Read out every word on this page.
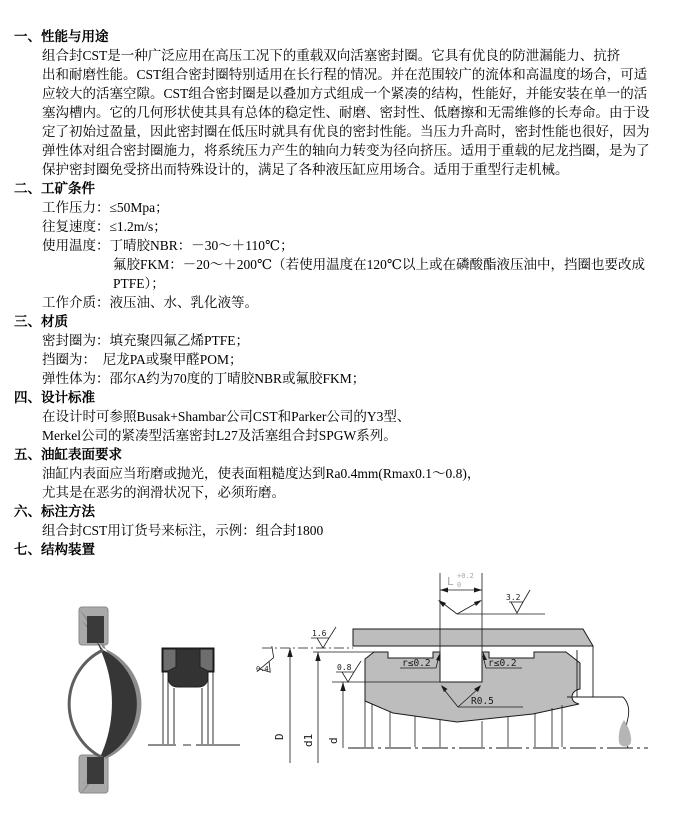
一、性能与用途
组合封CST是一种广泛应用在高压工况下的重载双向活塞密封圈。它具有优良的防泄漏能力、抗挤
出和耐磨性能。CST组合密封圈特别适用在长行程的情况。并在范围较广的流体和高温度的场合，可适
应较大的活塞空隙。CST组合密封圈是以叠加方式组成一个紧凑的结构，性能好，并能安装在单一的活
塞沟槽内。它的几何形状使其具有总体的稳定性、耐磨、密封性、低磨擦和无需维修的长寿命。由于设
定了初始过盈量，因此密封圈在低压时就具有优良的密封性能。当压力升高时，密封性能也很好，因为
弹性体对组合密封圈施力，将系统压力产生的轴向力转变为径向挤压。适用于重载的尼龙挡圈，是为了
保护密封圈免受挤出而特殊设计的，满足了各种液压缸应用场合。适用于重型行走机械。
二、工矿条件
工作压力：≤50Mpa；
往复速度：≤1.2m/s；
使用温度：丁晴胶NBR：－30～＋110℃；
氟胶FKM：－20～＋200℃（若使用温度在120℃以上或在磷酸酯液压油中，挡圈也要改成PTFE）；
工作介质：液压油、水、乳化液等。
三、材质
密封圈为：填充聚四氟乙烯PTFE；
挡圈为：　尼龙PA或聚甲醛POM；
弹性体为：邵尔A约为70度的丁晴胶NBR或氟胶FKM；
四、设计标准
在设计时可参照Busak+Shambar公司CST和Parker公司的Y3型、
Merkel公司的紧凑型活塞密封L27及活塞组合封SPGW系列。
五、油缸表面要求
油缸内表面应当珩磨或抛光，使表面粗糙度达到Ra0.4mm(Rmax0.1～0.8)，
尤其是在恶劣的润滑状况下，必须珩磨。
六、标注方法
组合封CST用订货号来标注，示例：组合封1800
七、结构装置
L +0.2
0
D d1 d
3.2
1.6
0.8
0.4	r≤0.2	r≤0.2
R0.5
